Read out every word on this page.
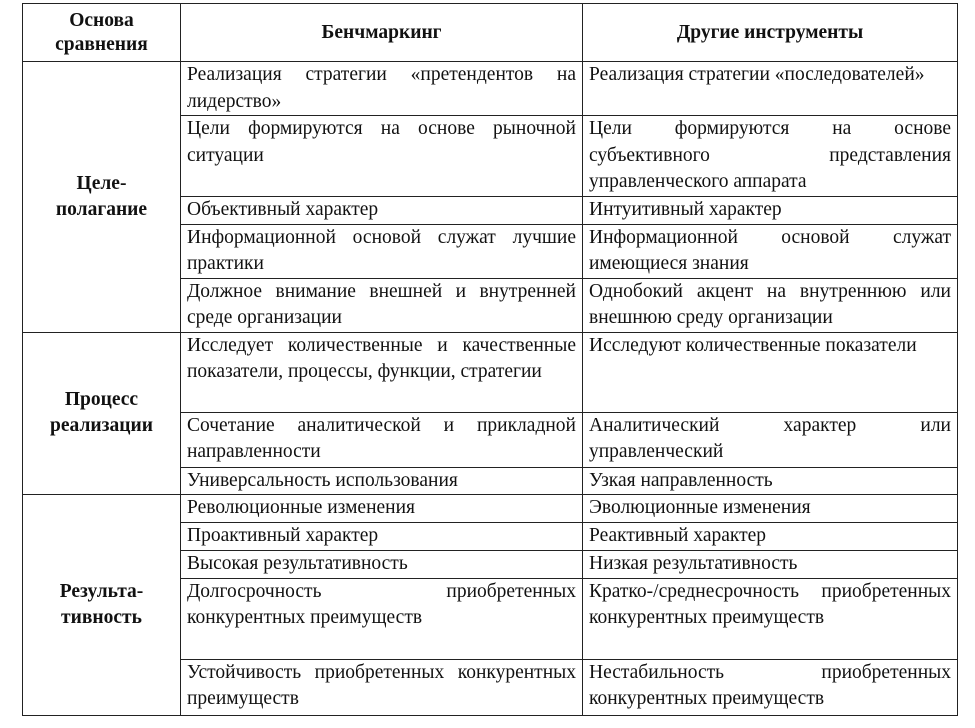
Основа сравнения	Бенчмаркинг	Другие инструменты

Целе-
полагание	Реализация стратегии «претендентов на лидерство»	Реализация стратегии «последователей»
	Цели формируются на основе рыночной ситуации	Цели формируются на основе субъективного представления управленческого аппарата
	Объективный характер	Интуитивный характер
	Информационной основой служат лучшие практики	Информационной основой служат имеющиеся знания
	Должное внимание внешней и внутренней среде организации	Однобокий акцент на внутреннюю или внешнюю среду организации

Процесс
реализации	Исследует количественные и качественные показатели, процессы, функции, стратегии	Исследуют количественные показатели
	Сочетание аналитической и прикладной направленности	Аналитический характер или управленческий
	Универсальность использования	Узкая направленность

Результа-
тивность	Революционные изменения	Эволюционные изменения
	Проактивный характер	Реактивный характер
	Высокая результативность	Низкая результативность
	Долгосрочность приобретенных конкурентных преимуществ	Кратко-/среднесрочность приобретенных конкурентных преимуществ
	Устойчивость приобретенных конкурентных преимуществ	Нестабильность приобретенных конкурентных преимуществ
